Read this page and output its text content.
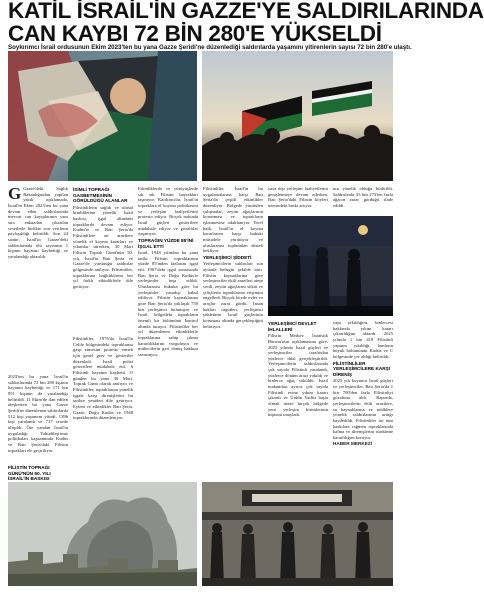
KATİL İSRAİL'İN GAZZE'YE SALDIRILARINDA
CAN KAYBI 72 BİN 280'E YÜKSELDİ
Soykırımcı İsrail ordusunun Ekim 2023'ten bu yana Gazze Şeridi'ne düzenlediği saldırılarda yaşamını yitirenlerin sayısı 72 bin 280'e ulaştı.

G Gazze'deki Sağlık Bakanlığından yapılan yazılı açıklamada, İsrail'in Ekim 2023'ten bu yana devam eden saldırılarında mevcut can kayıplarının yanı sıra enkazdan çıkarılan cesetlerle birlikte son verilerin paylaşıldığı belirtildi. Son 24 saatte, İsrail'in Gazze'deki saldırılarında ölü sayısının 1 kişinin hayatını kaybettiği ve yaralandığı aktarıldı.

2023'ten bu yana İsrail'in saldırılarında 72 bin 280 kişinin hayatını kaybettiği ve 171 bin 951 kişinin de yaralandığı belirtildi. 11 Ekim'de ilan edilen ateşkesten bu yana Gazze Şeridi'ne düzenlenen saldırılarda 512 kişi yaşamını yitirdi, 1396 kişi yaralandı ve 717 cesede ulaşıldı. Öte yandan İsrail'in uyguladığı Yahudileştirme politikaları kapsamında Kudüs ve Batı Şeria'daki Filistin toprakları ele geçiriliyor.

FİLİSTİN TOPRAĞI GÜNÜ'NÜN 50. YILI İSRAİL'İN BASKISI
İSİMLİ TOPRAĞI GASBETMESİNİN GÖRÜLDÜĞÜ ALANLAR

Filistinlilerin sağlık ve ulusal kimliklerine yönelik İsrail baskısı, işgal altındaki topraklarda devam ediyor. Kudüs'te ve Batı Şeria'da Filistinlilere ait arazilere yönelik el koyma kararları ve yıkımlar sürerken, 30 Mart Filistin Toprak Günü'nün 50. yılı, İsrail'in Batı Şeria ve Gazze'de yürüttüğü saldırılar gölgesinde anılıyor. Filistinliler, topraklarına bağlılıklarını her yıl farklı etkinliklerle dile getiriyor.

Filistinliler, 1976'da İsrail'in Celile bölgesindeki topraklarını gasp etmesini protesto etmek için genel grev ve gösteriler düzenledi. İsrail polisi gösterilere müdahale etti, 6 Filistinli hayatını kaybetti. O günden bu yana 30 Mart, Toprak Günü olarak anılıyor ve Filistinliler, topraklarına yönelik işgale karşı direnişlerini bu tarihte yeniden dile getiriyor. Eylem ve etkinlikler Batı Şeria, Gazze, Doğu Kudüs ve 1948 topraklarında düzenleniyor.

Etkinliklerde ve yürüyüşlerde sık sık Filistin bayrakları taşınıyor. Katılımcılar, İsrail'in topraklara el koyma politikasını ve yerleşim faaliyetlerini protesto ediyor. Birçok noktada İsrail güçleri gösterilere müdahale ediyor ve gözaltılar yaşanıyor.

TOPRAĞIN YÜZDE 85'İNİ İŞGAL ETTİ

İsrail, 1948 yılından bu yana tarihi Filistin topraklarının yüzde 85'inden fazlasını işgal etti. 1967'deki işgal sonrasında Batı Şeria ve Doğu Kudüs'te yerleşimler inşa edildi. Uluslararası hukuka göre bu yerleşimler yasadışı kabul ediliyor. Filistin kaynaklarına göre Batı Şeria'da yaklaşık 750 bin yerleşimci bulunuyor ve İsrail, bölgedeki toprakların önemli bir bölümünü kontrol altında tutuyor. Filistinliler her yıl düzenlenen etkinliklerle topraklarına sahip çıkma kararlılıklarını vurguluyor ve mültecilerin geri dönüş hakkını savunuyor.

Filistinliler, İsrail'in bu uygulamalarına karşı Batı Şeria'da çeşitli etkinlikler düzenliyor. Bölgede yürütülen çalışmalar, zeytin ağaçlarının korunması ve toprakların işlenmesine odaklanıyor. Yerel halk, İsrail'in el koyma kararlarına karşı hukuki mücadele yürütüyor ve uluslararası toplumdan destek bekliyor.

YERLEŞİMCİ ŞİDDETİ

Yerleşimcilerin saldırıları son aylarda belirgin şekilde arttı. Filistin kaynaklarına göre yerleşimciler ekili arazileri ateşe verdi, zeytin ağaçlarını söktü ve çiftçilerin topraklarına erişimini engelledi. Birçok köyde evler ve araçlar zarar gördü. İnsan hakları örgütleri, yerleşimci şiddetinin İsrail güçlerinin koruması altında gerçekleştiğini belirtiyor.

yasa dışı yerleşim faaliyetlerini genişletmeye devam ederken, Batı Şeria'daki Filistin köyleri üzerindeki baskı artıyor.

YERLEŞİMCİ DEVLET İHLALLERİ

Filistin Merkez İstatistik Bürosu'nun açıklamasına göre, 2025 yılında İsrail güçleri ve yerleşimciler tarafından yüzlerce ihlal gerçekleştirildi. Yerleşimcilerin saldırılarında çok sayıda Filistinli yaralandı, yüzlerce dönüm arazi yakıldı ve binlerce ağaç söküldü. İsrail makamları ayrıca çok sayıda Filistinli evine yıkım kararı çıkardı ve Ürdün Vadisi başta olmak üzere birçok bölgede yeni yerleşim birimlerinin inşasını onayladı.

nın yönelik olduğu bildirildi. Saldırılarda 35 bin 273'ten fazla ağacın zarar gördüğü ifade edildi.

yapı yıkıldığını, binlercesi hakkında yıkım kararı çıkarıldığını aktardı. 2025 yılında 1 bin 418 Filistinli yapının yıkıldığı, bunların büyük bölümünün Kudüs ve C bölgesinde yer aldığı belirtildi.

FİLİSTİNLİLER YERLEŞİMCİLERE KARŞI DİRENİŞ

2025 yılı boyunca İsrail güçleri ve yerleşimciler, Batı Şeria'da 1 bin 700'den fazla Filistinliyi gözaltına aldı. Raporda, yerleşimcilerin ekili arazilere, su kaynaklarına ve mülklere yönelik saldırılarının arttığı kaydedildi. Filistinliler ise tüm baskılara rağmen topraklarında kalma ve direnişlerini sürdürme kararlılığını koruyor.

HABER MERKEZİ
